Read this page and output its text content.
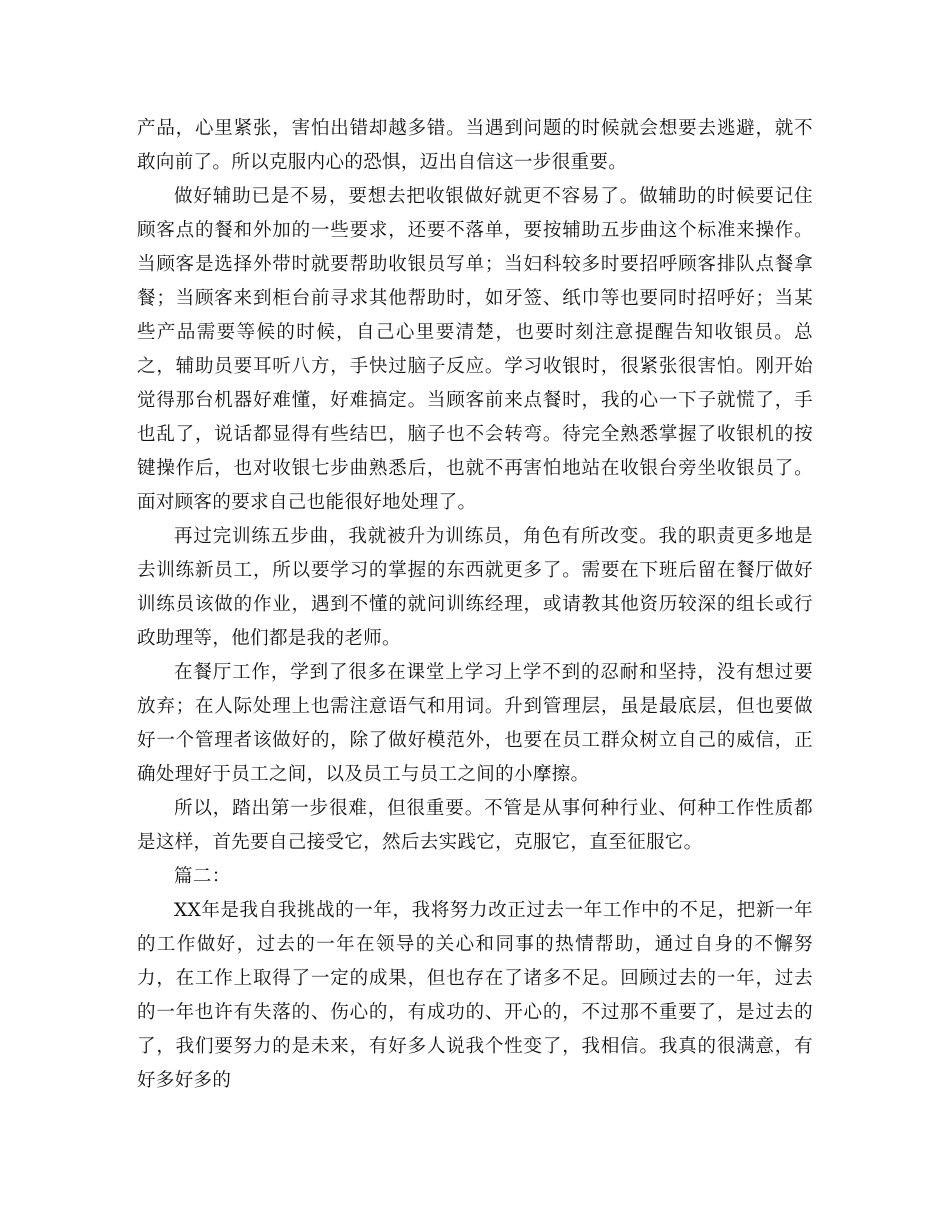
产品，心里紧张，害怕出错却越多错。当遇到问题的时候就会想要去逃避，就不敢向前了。所以克服内心的恐惧，迈出自信这一步很重要。

做好辅助已是不易，要想去把收银做好就更不容易了。做辅助的时候要记住顾客点的餐和外加的一些要求，还要不落单，要按辅助五步曲这个标准来操作。当顾客是选择外带时就要帮助收银员写单；当妇科较多时要招呼顾客排队点餐拿餐；当顾客来到柜台前寻求其他帮助时，如牙签、纸巾等也要同时招呼好；当某些产品需要等候的时候，自己心里要清楚，也要时刻注意提醒告知收银员。总之，辅助员要耳听八方，手快过脑子反应。学习收银时，很紧张很害怕。刚开始觉得那台机器好难懂，好难搞定。当顾客前来点餐时，我的心一下子就慌了，手也乱了，说话都显得有些结巴，脑子也不会转弯。待完全熟悉掌握了收银机的按键操作后，也对收银七步曲熟悉后，也就不再害怕地站在收银台旁坐收银员了。面对顾客的要求自己也能很好地处理了。

再过完训练五步曲，我就被升为训练员，角色有所改变。我的职责更多地是去训练新员工，所以要学习的掌握的东西就更多了。需要在下班后留在餐厅做好训练员该做的作业，遇到不懂的就问训练经理，或请教其他资历较深的组长或行政助理等，他们都是我的老师。

在餐厅工作，学到了很多在课堂上学习上学不到的忍耐和坚持，没有想过要放弃；在人际处理上也需注意语气和用词。升到管理层，虽是最底层，但也要做好一个管理者该做好的，除了做好模范外，也要在员工群众树立自己的威信，正确处理好于员工之间，以及员工与员工之间的小摩擦。

所以，踏出第一步很难，但很重要。不管是从事何种行业、何种工作性质都是这样，首先要自己接受它，然后去实践它，克服它，直至征服它。

篇二：

XX年是我自我挑战的一年，我将努力改正过去一年工作中的不足，把新一年的工作做好，过去的一年在领导的关心和同事的热情帮助，通过自身的不懈努力，在工作上取得了一定的成果，但也存在了诸多不足。回顾过去的一年，过去的一年也许有失落的、伤心的，有成功的、开心的，不过那不重要了，是过去的了，我们要努力的是未来，有好多人说我个性变了，我相信。我真的很满意，有好多好多的
